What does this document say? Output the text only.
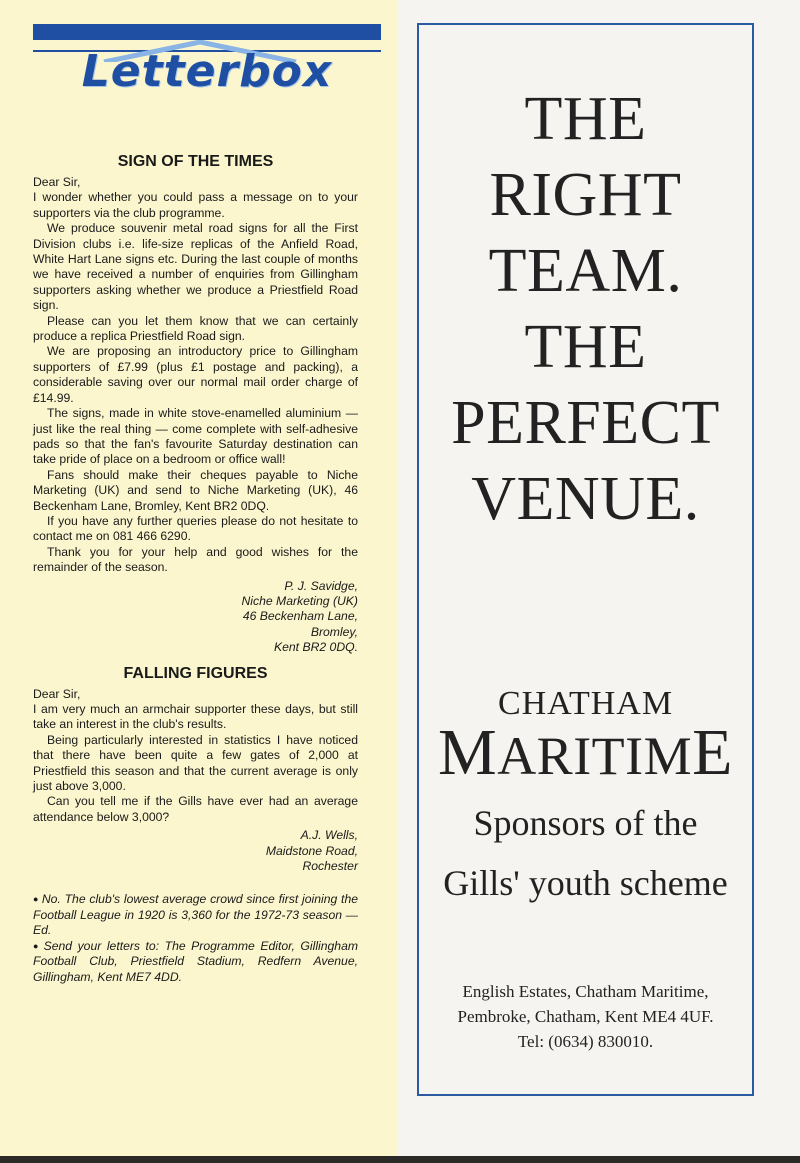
Letterbox

SIGN OF THE TIMES

Dear Sir,

I wonder whether you could pass a message on to your supporters via the club programme.

We produce souvenir metal road signs for all the First Division clubs i.e. life-size replicas of the Anfield Road, White Hart Lane signs etc. During the last couple of months we have received a number of enquiries from Gillingham supporters asking whether we produce a Priestfield Road sign.

Please can you let them know that we can certainly produce a replica Priestfield Road sign.

We are proposing an introductory price to Gillingham supporters of £7.99 (plus £1 postage and packing), a considerable saving over our normal mail order charge of £14.99.

The signs, made in white stove-enamelled aluminium — just like the real thing — come complete with self-adhesive pads so that the fan's favourite Saturday destination can take pride of place on a bedroom or office wall!

Fans should make their cheques payable to Niche Marketing (UK) and send to Niche Marketing (UK), 46 Beckenham Lane, Bromley, Kent BR2 0DQ.

If you have any further queries please do not hesitate to contact me on 081 466 6290.

Thank you for your help and good wishes for the remainder of the season.

P. J. Savidge,
Niche Marketing (UK)
46 Beckenham Lane,
Bromley,
Kent BR2 0DQ.

FALLING FIGURES

Dear Sir,

I am very much an armchair supporter these days, but still take an interest in the club's results.

Being particularly interested in statistics I have noticed that there have been quite a few gates of 2,000 at Priestfield this season and that the current average is only just above 3,000.

Can you tell me if the Gills have ever had an average attendance below 3,000?

A.J. Wells,
Maidstone Road,
Rochester

● No. The club's lowest average crowd since first joining the Football League in 1920 is 3,360 for the 1972-73 season — Ed.

● Send your letters to: The Programme Editor, Gillingham Football Club, Priestfield Stadium, Redfern Avenue, Gillingham, Kent ME7 4DD.

THE
RIGHT
TEAM.
THE
PERFECT
VENUE.
CHATHAM
MARITIME
Sponsors of the
Gills' youth scheme
English Estates, Chatham Maritime,
Pembroke, Chatham, Kent ME4 4UF.
Tel: (0634) 830010.
